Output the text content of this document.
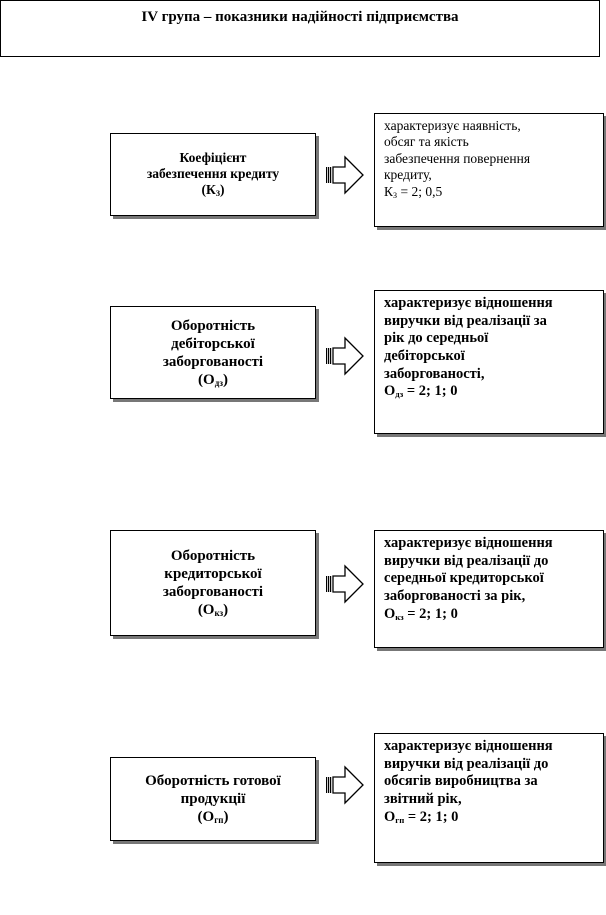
IV група – показники надійності підприємства
Коефіцієнт
забезпечення кредиту
$(К_З)$
характеризує наявність,
обсяг та якість
забезпечення повернення
кредиту,
$К_З = 2$; 0,5
Оборотність
дебіторської
заборгованості
$(О_{дз})$
характеризує відношення
виручки від реалізації за
рік до середньої
дебіторської
заборгованості,
$О_{дз} = 2$; 1; 0
Оборотність
кредиторської
заборгованості
$(О_{кз})$
характеризує відношення
виручки від реалізації до
середньої кредиторської
заборгованості за рік,
$О_{кз} = 2$; 1; 0
Оборотність готової
продукції
$(О_{гп})$
характеризує відношення
виручки від реалізації до
обсягів виробництва за
звітний рік,
$О_{гп} = 2$; 1; 0
